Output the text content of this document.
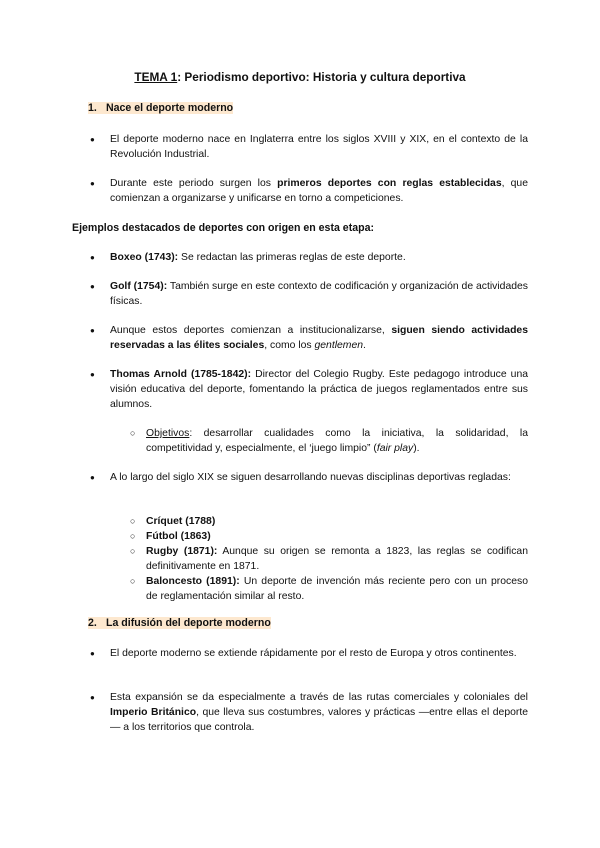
TEMA 1: Periodismo deportivo: Historia y cultura deportiva
1. Nace el deporte moderno
● El deporte moderno nace en Inglaterra entre los siglos XVIII y XIX, en el contexto de la Revolución Industrial.
● Durante este periodo surgen los primeros deportes con reglas establecidas, que comienzan a organizarse y unificarse en torno a competiciones.
Ejemplos destacados de deportes con origen en esta etapa:
● Boxeo (1743): Se redactan las primeras reglas de este deporte.
● Golf (1754): También surge en este contexto de codificación y organización de actividades físicas.
● Aunque estos deportes comienzan a institucionalizarse, siguen siendo actividades reservadas a las élites sociales, como los gentlemen.
● Thomas Arnold (1785-1842): Director del Colegio Rugby. Este pedagogo introduce una visión educativa del deporte, fomentando la práctica de juegos reglamentados entre sus alumnos.
○ Objetivos: desarrollar cualidades como la iniciativa, la solidaridad, la competitividad y, especialmente, el ‘juego limpio” (fair play).
● A lo largo del siglo XIX se siguen desarrollando nuevas disciplinas deportivas regladas:
○ Críquet (1788)
○ Fútbol (1863)
○ Rugby (1871): Aunque su origen se remonta a 1823, las reglas se codifican definitivamente en 1871.
○ Baloncesto (1891): Un deporte de invención más reciente pero con un proceso de reglamentación similar al resto.
2. La difusión del deporte moderno
● El deporte moderno se extiende rápidamente por el resto de Europa y otros continentes.
● Esta expansión se da especialmente a través de las rutas comerciales y coloniales del Imperio Británico, que lleva sus costumbres, valores y prácticas —entre ellas el deporte— a los territorios que controla.
